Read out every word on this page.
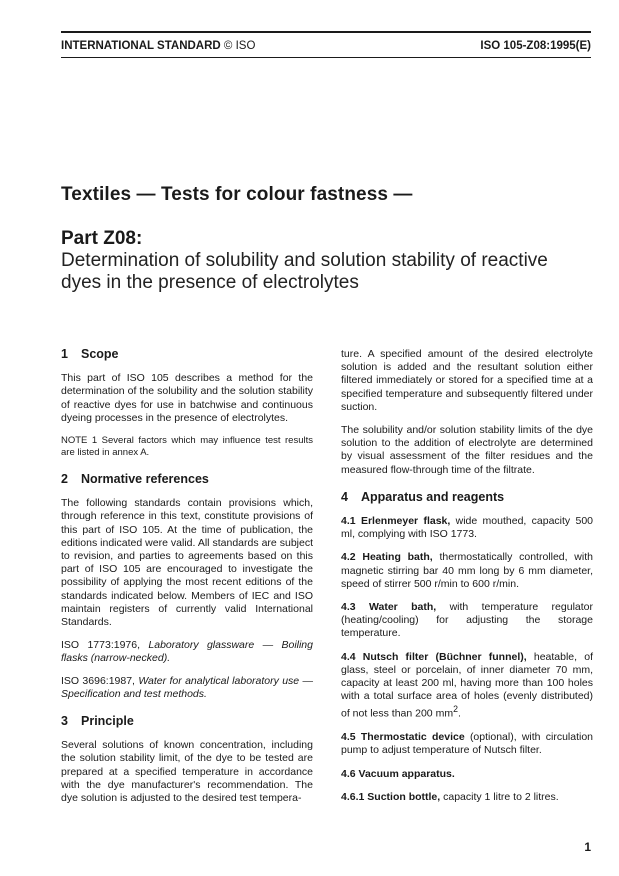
INTERNATIONAL STANDARD © ISO	ISO 105-Z08:1995(E)
Textiles — Tests for colour fastness —
Part Z08:
Determination of solubility and solution stability of reactive dyes in the presence of electrolytes
1 Scope

This part of ISO 105 describes a method for the determination of the solubility and the solution stability of reactive dyes for use in batchwise and continuous dyeing processes in the presence of electrolytes.

NOTE 1 Several factors which may influence test results are listed in annex A.

2 Normative references

The following standards contain provisions which, through reference in this text, constitute provisions of this part of ISO 105. At the time of publication, the editions indicated were valid. All standards are subject to revision, and parties to agreements based on this part of ISO 105 are encouraged to investigate the possibility of applying the most recent editions of the standards indicated below. Members of IEC and ISO maintain registers of currently valid International Standards.

ISO 1773:1976, Laboratory glassware — Boiling flasks (narrow-necked).

ISO 3696:1987, Water for analytical laboratory use — Specification and test methods.

3 Principle

Several solutions of known concentration, including the solution stability limit, of the dye to be tested are prepared at a specified temperature in accordance with the dye manufacturer's recommendation. The dye solution is adjusted to the desired test tempera-

ture. A specified amount of the desired electrolyte solution is added and the resultant solution either filtered immediately or stored for a specified time at a specified temperature and subsequently filtered under suction.

The solubility and/or solution stability limits of the dye solution to the addition of electrolyte are determined by visual assessment of the filter residues and the measured flow-through time of the filtrate.

4 Apparatus and reagents
4.1 Erlenmeyer flask, wide mouthed, capacity 500 ml, complying with ISO 1773.
4.2 Heating bath, thermostatically controlled, with magnetic stirring bar 40 mm long by 6 mm diameter, speed of stirrer 500 r/min to 600 r/min.
4.3 Water bath, with temperature regulator (heating/cooling) for adjusting the storage temperature.
4.4 Nutsch filter (Büchner funnel), heatable, of glass, steel or porcelain, of inner diameter 70 mm, capacity at least 200 ml, having more than 100 holes with a total surface area of holes (evenly distributed) of not less than 200 $mm^2$.
4.5 Thermostatic device (optional), with circulation pump to adjust temperature of Nutsch filter.
4.6 Vacuum apparatus.
4.6.1 Suction bottle, capacity 1 litre to 2 litres.
1
